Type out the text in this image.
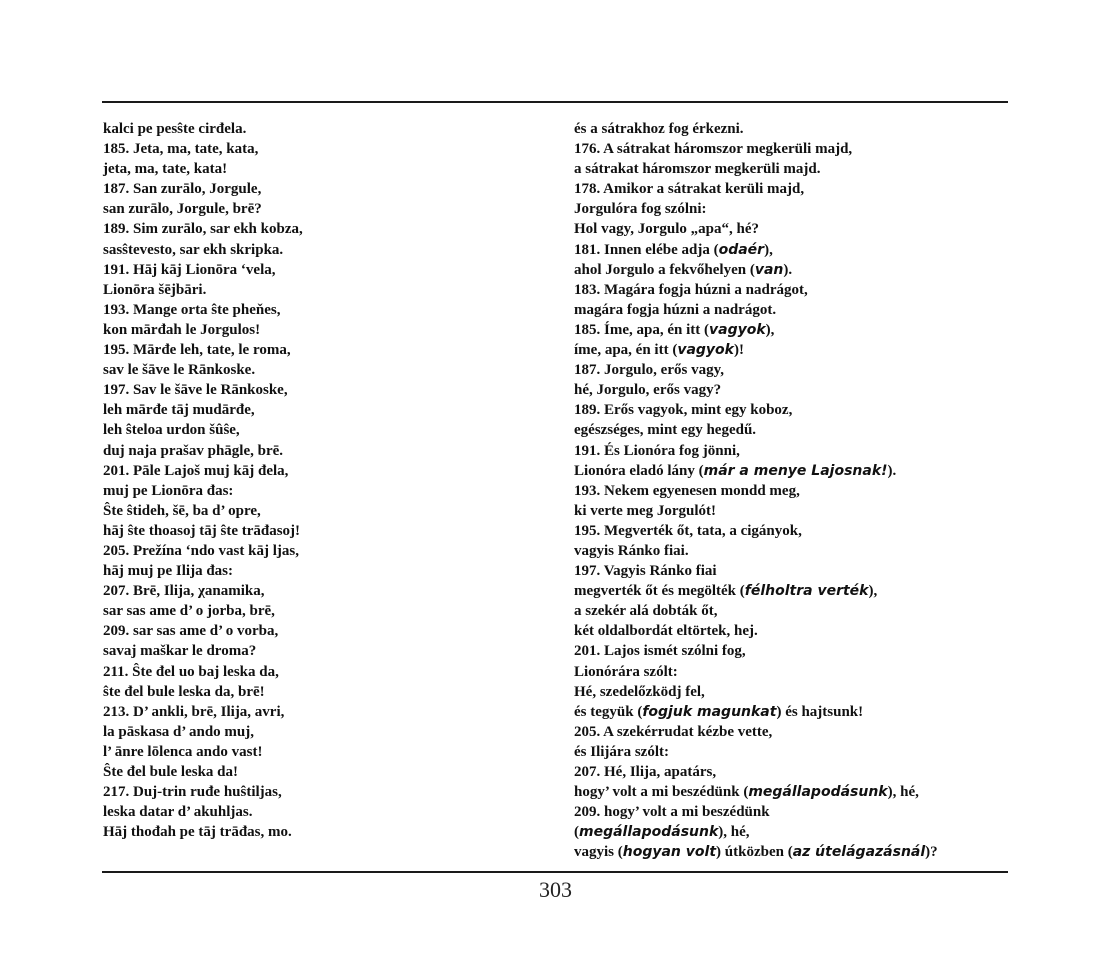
kalci pe pesŝte cirđela.
185. Jeta, ma, tate, kata,
jeta, ma, tate, kata!
187. San zurālo, Jorgule,
san zurālo, Jorgule, brē?
189. Sim zurālo, sar ekh kobza,
sasŝtevesto, sar ekh skripka.
191. Hāj kāj Lionōra ‘vela,
Lionōra šējbāri.
193. Mange orta ŝte pheňes,
kon mārđah le Jorgulos!
195. Mārđe leh, tate, le roma,
sav le šāve le Rānkoske.
197. Sav le šāve le Rānkoske,
leh mārđe tāj mudārđe,
leh ŝteloa urdon šûŝe,
duj naja prašav phāgle, brē.
201. Pāle Lajoš muj kāj đela,
muj pe Lionōra đas:
Ŝte ŝtideh, šē, ba d’ opre,
hāj ŝte thoasoj tāj ŝte trāđasoj!
205. Prežína ‘ndo vast kāj ljas,
hāj muj pe Ilija đas:
207. Brē, Ilija, χanamika,
sar sas ame d’ o jorba, brē,
209. sar sas ame d’ o vorba,
savaj maškar le droma?
211. Ŝte đel uo baj leska da,
ŝte đel bule leska da, brē!
213. D’ ankli, brē, Ilija, avri,
la pāskasa d’ ando muj,
l’ ānre lōlenca ando vast!
Ŝte đel bule leska da!
217. Duj-trin ruđe huŝtiljas,
leska datar d’ akuhljas.
Hāj thođah pe tāj trāđas, mo.
és a sátrakhoz fog érkezni.
176. A sátrakat háromszor megkerüli majd,
a sátrakat háromszor megkerüli majd.
178. Amikor a sátrakat kerüli majd,
Jorgulóra fog szólni:
Hol vagy, Jorgulo „apa“, hé?
181. Innen elébe adja (odaér),
ahol Jorgulo a fekvőhelyen (van).
183. Magára fogja húzni a nadrágot,
magára fogja húzni a nadrágot.
185. Íme, apa, én itt (vagyok),
íme, apa, én itt (vagyok)!
187. Jorgulo, erős vagy,
hé, Jorgulo, erős vagy?
189. Erős vagyok, mint egy koboz,
egészséges, mint egy hegedű.
191. És Lionóra fog jönni,
Lionóra eladó lány (már a menye Lajosnak!).
193. Nekem egyenesen mondd meg,
ki verte meg Jorgulót!
195. Megverték őt, tata, a cigányok,
vagyis Ránko fiai.
197. Vagyis Ránko fiai
megverték őt és megölték (félholtra verték),
a szekér alá dobták őt,
két oldalbordát eltörtek, hej.
201. Lajos ismét szólni fog,
Lionórára szólt:
Hé, szedelőzködj fel,
és tegyük (fogjuk magunkat) és hajtsunk!
205. A szekérrudat kézbe vette,
és Ilijára szólt:
207. Hé, Ilija, apatárs,
hogy’ volt a mi beszédünk (megállapodásunk), hé,
209. hogy’ volt a mi beszédünk
(megállapodásunk), hé,
vagyis (hogyan volt) útközben (az útelágazásnál)?
303
